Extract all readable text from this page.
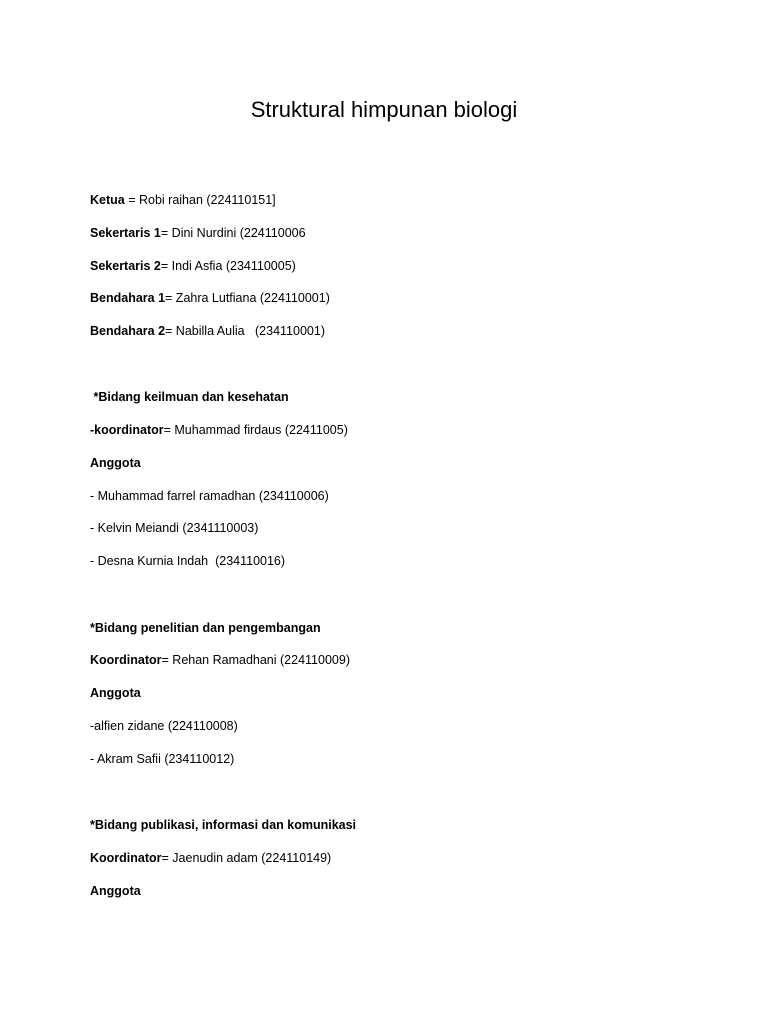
Struktural himpunan biologi

Ketua = Robi raihan (224110151]

Sekertaris 1= Dini Nurdini (224110006

Sekertaris 2= Indi Asfia (234110005)

Bendahara 1= Zahra Lutfiana (224110001)

Bendahara 2= Nabilla Aulia   (234110001)

*Bidang keilmuan dan kesehatan

-koordinator= Muhammad firdaus (22411005)

Anggota

- Muhammad farrel ramadhan (234110006)

- Kelvin Meiandi (2341110003)

- Desna Kurnia Indah  (234110016)

*Bidang penelitian dan pengembangan

Koordinator= Rehan Ramadhani (224110009)

Anggota

-alfien zidane (224110008)

- Akram Safii (234110012)

*Bidang publikasi, informasi dan komunikasi

Koordinator= Jaenudin adam (224110149)

Anggota
